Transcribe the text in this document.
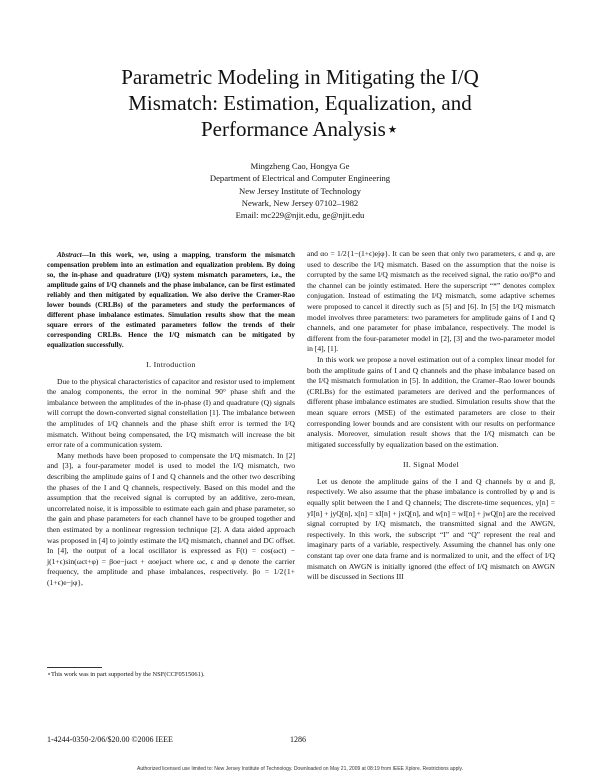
Parametric Modeling in Mitigating the I/Q
Mismatch: Estimation, Equalization, and
Performance Analysis⋆
Mingzheng Cao, Hongya Ge
Department of Electrical and Computer Engineering
New Jersey Institute of Technology
Newark, New Jersey 07102–1982
Email: mc229@njit.edu, ge@njit.edu

Abstract—In this work, we, using a mapping, transform the mismatch compensation problem into an estimation and equalization problem. By doing so, the in-phase and quadrature (I/Q) system mismatch parameters, i.e., the amplitude gains of I/Q channels and the phase imbalance, can be first estimated reliably and then mitigated by equalization. We also derive the Cramer-Rao lower bounds (CRLBs) of the parameters and study the performances of different phase imbalance estimates. Simulation results show that the mean square errors of the estimated parameters follow the trends of their corresponding CRLBs. Hence the I/Q mismatch can be mitigated by equalization successfully.

I. Introduction

Due to the physical characteristics of capacitor and resistor used to implement the analog components, the error in the nominal 90° phase shift and the imbalance between the amplitudes of the in-phase (I) and quadrature (Q) signals will corrupt the down-converted signal constellation [1]. The imbalance between the amplitudes of I/Q channels and the phase shift error is termed the I/Q mismatch. Without being compensated, the I/Q mismatch will increase the bit error rate of a communication system.

Many methods have been proposed to compensate the I/Q mismatch. In [2] and [3], a four-parameter model is used to model the I/Q mismatch, two describing the amplitude gains of I and Q channels and the other two describing the phases of the I and Q channels, respectively. Based on this model and the assumption that the received signal is corrupted by an additive, zero-mean, uncorrelated noise, it is impossible to estimate each gain and phase parameter, so the gain and phase parameters for each channel have to be grouped together and then estimated by a nonlinear regression technique [2]. A data aided approach was proposed in [4] to jointly estimate the I/Q mismatch, channel and DC offset. In [4], the output of a local oscillator is expressed as F(t) = cos(ωct) − j(1+ϵ)sin(ωct+φ) = βoe−jωct + αoejωct where ωc, ϵ and φ denote the carrier frequency, the amplitude and phase imbalances, respectively. βo = 1/2{1+(1+ϵ)e−jφ},

and αo = 1/2{1−(1+ϵ)ejφ}. It can be seen that only two parameters, ϵ and φ, are used to describe the I/Q mismatch. Based on the assumption that the noise is corrupted by the same I/Q mismatch as the received signal, the ratio αo/β*o and the channel can be jointly estimated. Here the superscript “*” denotes complex conjugation. Instead of estimating the I/Q mismatch, some adaptive schemes were proposed to cancel it directly such as [5] and [6]. In [5] the I/Q mismatch model involves three parameters: two parameters for amplitude gains of I and Q channels, and one parameter for phase imbalance, respectively. The model is different from the four-parameter model in [2], [3] and the two-parameter model in [4], [1].

In this work we propose a novel estimation out of a complex linear model for both the amplitude gains of I and Q channels and the phase imbalance based on the I/Q mismatch formulation in [5]. In addition, the Cramer–Rao lower bounds (CRLBs) for the estimated parameters are derived and the performances of different phase imbalance estimates are studied. Simulation results show that the mean square errors (MSE) of the estimated parameters are close to their corresponding lower bounds and are consistent with our results on performance analysis. Moreover, simulation result shows that the I/Q mismatch can be mitigated successfully by equalization based on the estimation.

II. Signal Model

Let us denote the amplitude gains of the I and Q channels by α and β, respectively. We also assume that the phase imbalance is controlled by φ and is equally split between the I and Q channels; The discrete-time sequences, y[n] = yI[n] + jyQ[n], x[n] = xI[n] + jxQ[n], and w[n] = wI[n] + jwQ[n] are the received signal corrupted by I/Q mismatch, the transmitted signal and the AWGN, respectively. In this work, the subscript “I” and “Q” represent the real and imaginary parts of a variable, respectively. Assuming the channel has only one constant tap over one data frame and is normalized to unit, and the effect of I/Q mismatch on AWGN is initially ignored (the effect of I/Q mismatch on AWGN will be discussed in Sections III

⋆This work was in part supported by the NSF(CCF0515061).
1-4244-0350-2/06/$20.00 ©2006 IEEE	1286
Authorized licensed use limited to: New Jersey Institute of Technology. Downloaded on May 21, 2009 at 08:19 from IEEE Xplore. Restrictions apply.
